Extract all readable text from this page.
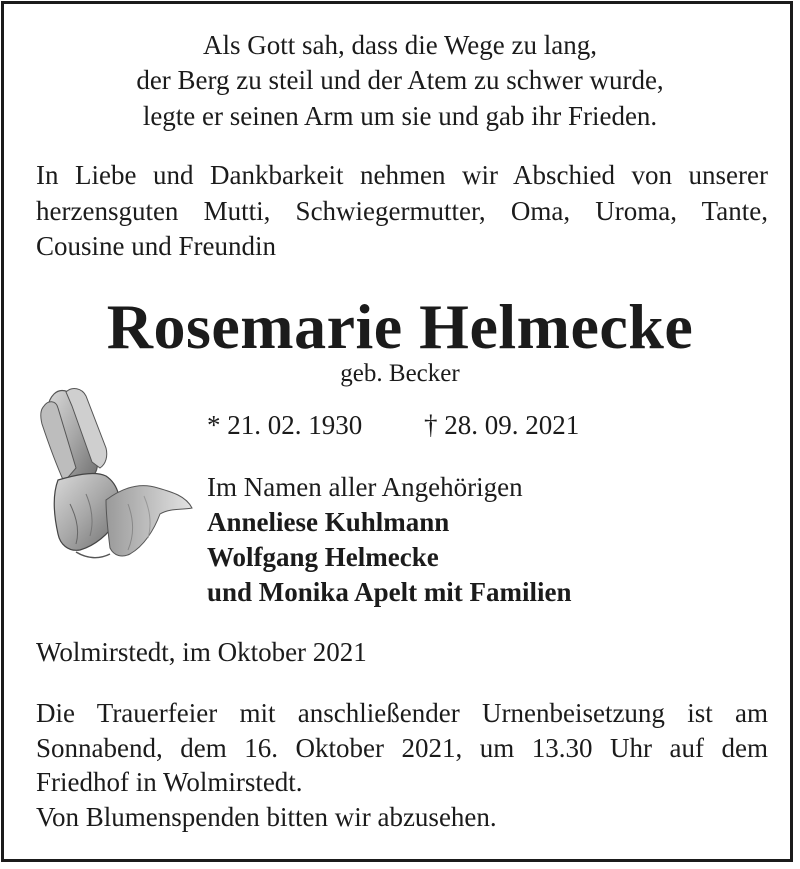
Als Gott sah, dass die Wege zu lang,
der Berg zu steil und der Atem zu schwer wurde,
legte er seinen Arm um sie und gab ihr Frieden.
In Liebe und Dankbarkeit nehmen wir Abschied von unserer
herzensguten Mutti, Schwiegermutter, Oma, Uroma, Tante,
Cousine und Freundin
Rosemarie Helmecke
geb. Becker
* 21. 02. 1930 † 28. 09. 2021
Im Namen aller Angehörigen
Anneliese Kuhlmann
Wolfgang Helmecke
und Monika Apelt mit Familien
Wolmirstedt, im Oktober 2021
Die Trauerfeier mit anschließender Urnenbeisetzung ist am
Sonnabend, dem 16. Oktober 2021, um 13.30 Uhr auf dem
Friedhof in Wolmirstedt.
Von Blumenspenden bitten wir abzusehen.
